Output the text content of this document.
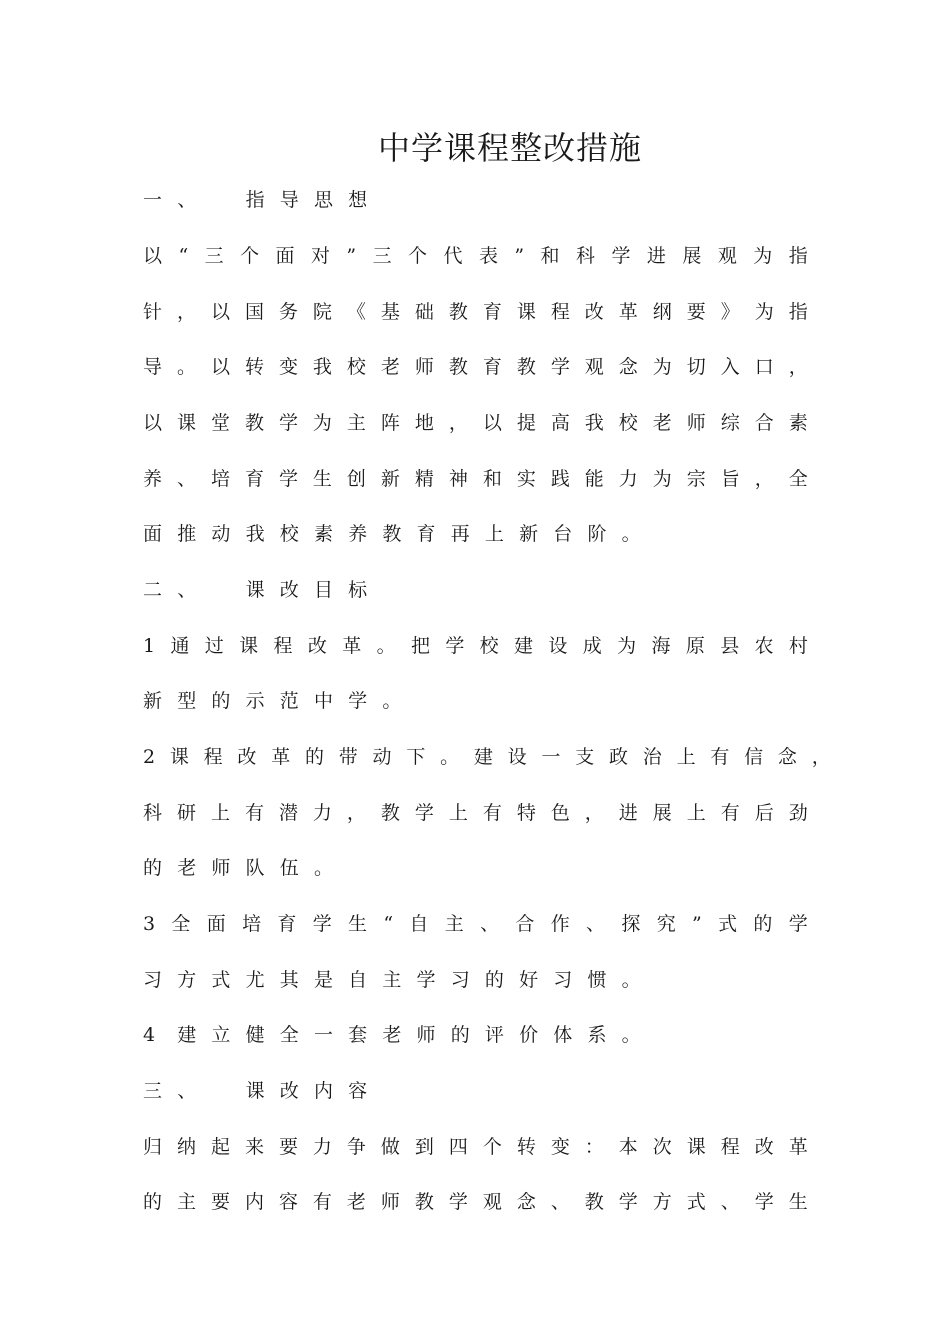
中学课程整改措施
一 、
	指 导 思 想
以 “ 三 个 面 对 ” 三 个 代 表 ” 和 科 学 进 展 观 为 指
针 ， 以 国 务 院 《 基 础 教 育 课 程 改 革 纲 要 》 为 指
导 。 以 转 变 我 校 老 师 教 育 教 学 观 念 为 切 入 口 ，
以 课 堂 教 学 为 主 阵 地 ， 以 提 高 我 校 老 师 综 合 素
养 、 培 育 学 生 创 新 精 神 和 实 践 能 力 为 宗 旨 ， 全
面 推 动 我 校 素 养 教 育 再 上 新 台 阶 。
二 、
	课 改 目 标
1 通 过 课 程 改 革 。 把 学 校 建 设 成 为 海 原 县 农 村
新 型 的 示 范 中 学 。
2 课 程 改 革 的 带 动 下 。 建 设 一 支 政 治 上 有 信 念 ，
科 研 上 有 潜 力 ， 教 学 上 有 特 色 ， 进 展 上 有 后 劲
的 老 师 队 伍 。
3 全 面 培 育 学 生 “ 自 主 、 合 作 、 探 究 ” 式 的 学
习 方 式 尤 其 是 自 主 学 习 的 好 习 惯 。
4	建 立 健 全 一 套 老 师 的 评 价 体 系 。
三 、
	课 改 内 容
归 纳 起 来 要 力 争 做 到 四 个 转 变 ： 本 次 课 程 改 革
的 主 要 内 容 有 老 师 教 学 观 念 、 教 学 方 式 、 学 生
